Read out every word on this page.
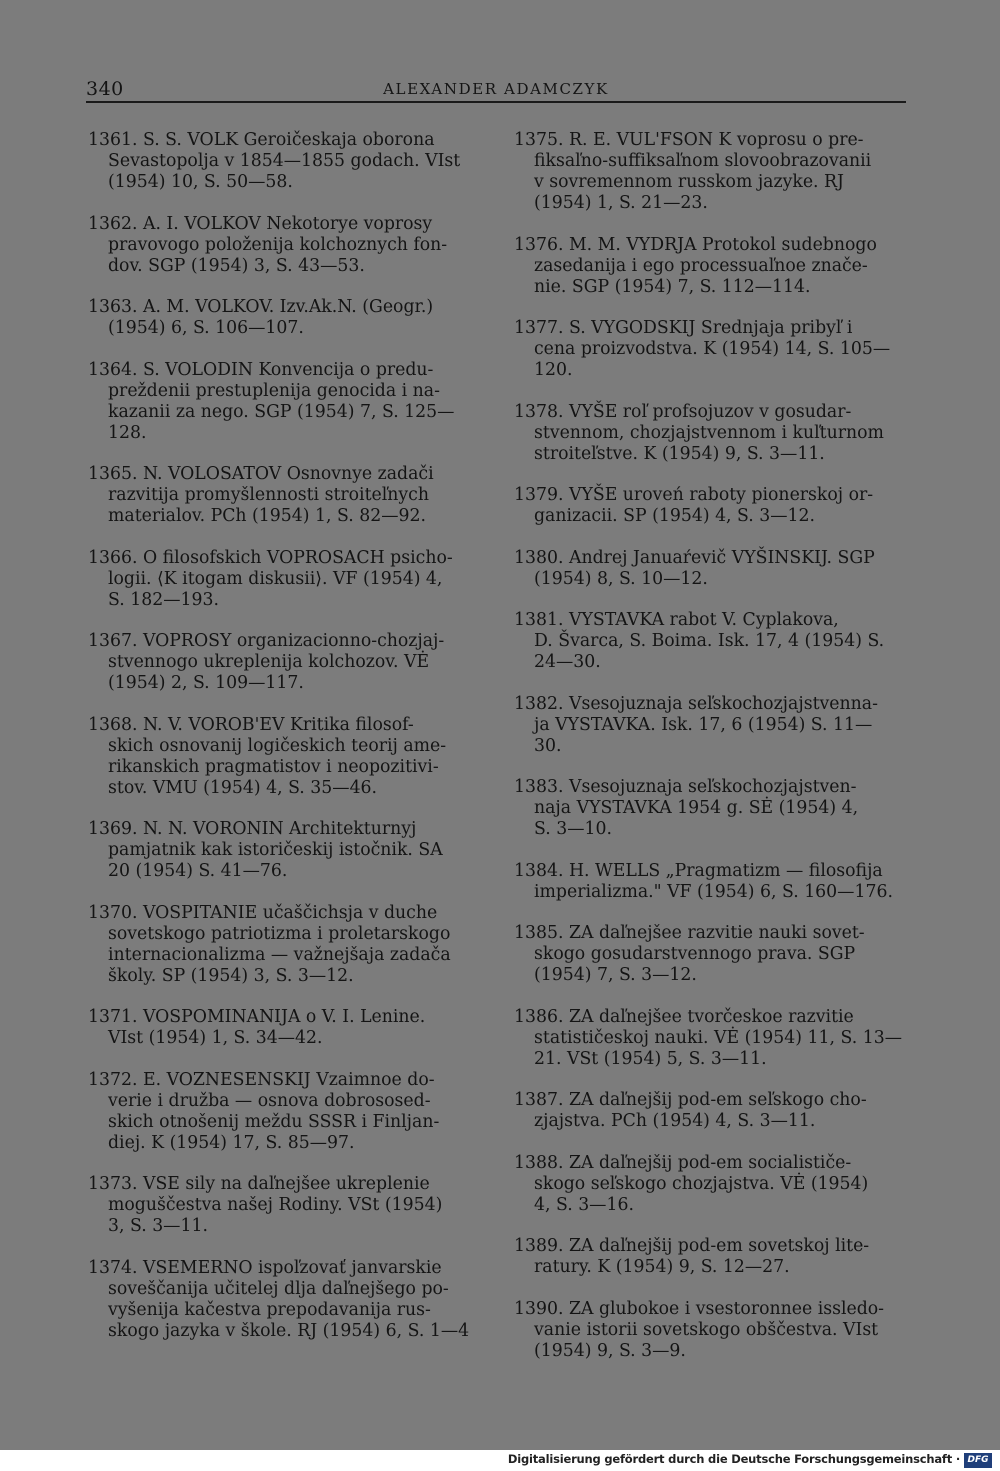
340	ALEXANDER ADAMCZYK
1361. S. S. VOLK Geroičeskaja oborona
Sevastopolja v 1854—1855 godach. VIst
(1954) 10, S. 50—58.
1362. A. I. VOLKOV Nekotorye voprosy
pravovogo položenija kolchoznych fon-
dov. SGP (1954) 3, S. 43—53.
1363. A. M. VOLKOV. Izv.Ak.N. (Geogr.)
(1954) 6, S. 106—107.
1364. S. VOLODIN Konvencija o predu-
preždenii prestuplenija genocida i na-
kazanii za nego. SGP (1954) 7, S. 125—
128.
1365. N. VOLOSATOV Osnovnye zadači
razvitija promyšlennosti stroiteľnych
materialov. PCh (1954) 1, S. 82—92.
1366. O filosofskich VOPROSACH psicho-
logii. ⟨K itogam diskusii⟩. VF (1954) 4,
S. 182—193.
1367. VOPROSY organizacionno-chozjaj-
stvennogo ukreplenija kolchozov. VĖ
(1954) 2, S. 109—117.
1368. N. V. VOROB'EV Kritika filosof-
skich osnovanij logičeskich teorij ame-
rikanskich pragmatistov i neopozitivi-
stov. VMU (1954) 4, S. 35—46.
1369. N. N. VORONIN Architekturnyj
pamjatnik kak istoričeskij istočnik. SA
20 (1954) S. 41—76.
1370. VOSPITANIE učaščichsja v duche
sovetskogo patriotizma i proletarskogo
internacionalizma — važnejšaja zadača
školy. SP (1954) 3, S. 3—12.
1371. VOSPOMINANIJA o V. I. Lenine.
VIst (1954) 1, S. 34—42.
1372. E. VOZNESENSKIJ Vzaimnoe do-
verie i družba — osnova dobrososed-
skich otnošenij meždu SSSR i Finljan-
diej. K (1954) 17, S. 85—97.
1373. VSE sily na daľnejšee ukreplenie
moguščestva našej Rodiny. VSt (1954)
3, S. 3—11.
1374. VSEMERNO ispoľzovať janvarskie
soveščanija učitelej dlja daľnejšego po-
vyšenija kačestva prepodavanija rus-
skogo jazyka v škole. RJ (1954) 6, S. 1—4
1375. R. E. VUL'FSON K voprosu o pre-
fiksaľno-suffiksaľnom slovoobrazovanii
v sovremennom russkom jazyke. RJ
(1954) 1, S. 21—23.
1376. M. M. VYDRJA Protokol sudebnogo
zasedanija i ego processuaľnoe znače-
nie. SGP (1954) 7, S. 112—114.
1377. S. VYGODSKIJ Srednjaja pribyľ i
cena proizvodstva. K (1954) 14, S. 105—
120.
1378. VYŠE roľ profsojuzov v gosudar-
stvennom, chozjajstvennom i kuľturnom
stroiteľstve. K (1954) 9, S. 3—11.
1379. VYŠE uroveń raboty pionerskoj or-
ganizacii. SP (1954) 4, S. 3—12.
1380. Andrej Januaŕevič VYŠINSKIJ. SGP
(1954) 8, S. 10—12.
1381. VYSTAVKA rabot V. Cyplakova,
D. Švarca, S. Boima. Isk. 17, 4 (1954) S.
24—30.
1382. Vsesojuznaja seľskochozjajstvenna-
ja VYSTAVKA. Isk. 17, 6 (1954) S. 11—
30.
1383. Vsesojuznaja seľskochozjajstven-
naja VYSTAVKA 1954 g. SĖ (1954) 4,
S. 3—10.
1384. H. WELLS „Pragmatizm — filosofija
imperializma." VF (1954) 6, S. 160—176.
1385. ZA daľnejšee razvitie nauki sovet-
skogo gosudarstvennogo prava. SGP
(1954) 7, S. 3—12.
1386. ZA daľnejšee tvorčeskoe razvitie
statističeskoj nauki. VĖ (1954) 11, S. 13—
21. VSt (1954) 5, S. 3—11.
1387. ZA daľnejšij pod-em seľskogo cho-
zjajstva. PCh (1954) 4, S. 3—11.
1388. ZA daľnejšij pod-em socialističe-
skogo seľskogo chozjajstva. VĖ (1954)
4, S. 3—16.
1389. ZA daľnejšij pod-em sovetskoj lite-
ratury. K (1954) 9, S. 12—27.
1390. ZA glubokoe i vsestoronnee issledo-
vanie istorii sovetskogo obščestva. VIst
(1954) 9, S. 3—9.
Digitalisierung gefördert durch die Deutsche Forschungsgemeinschaft · DFG
